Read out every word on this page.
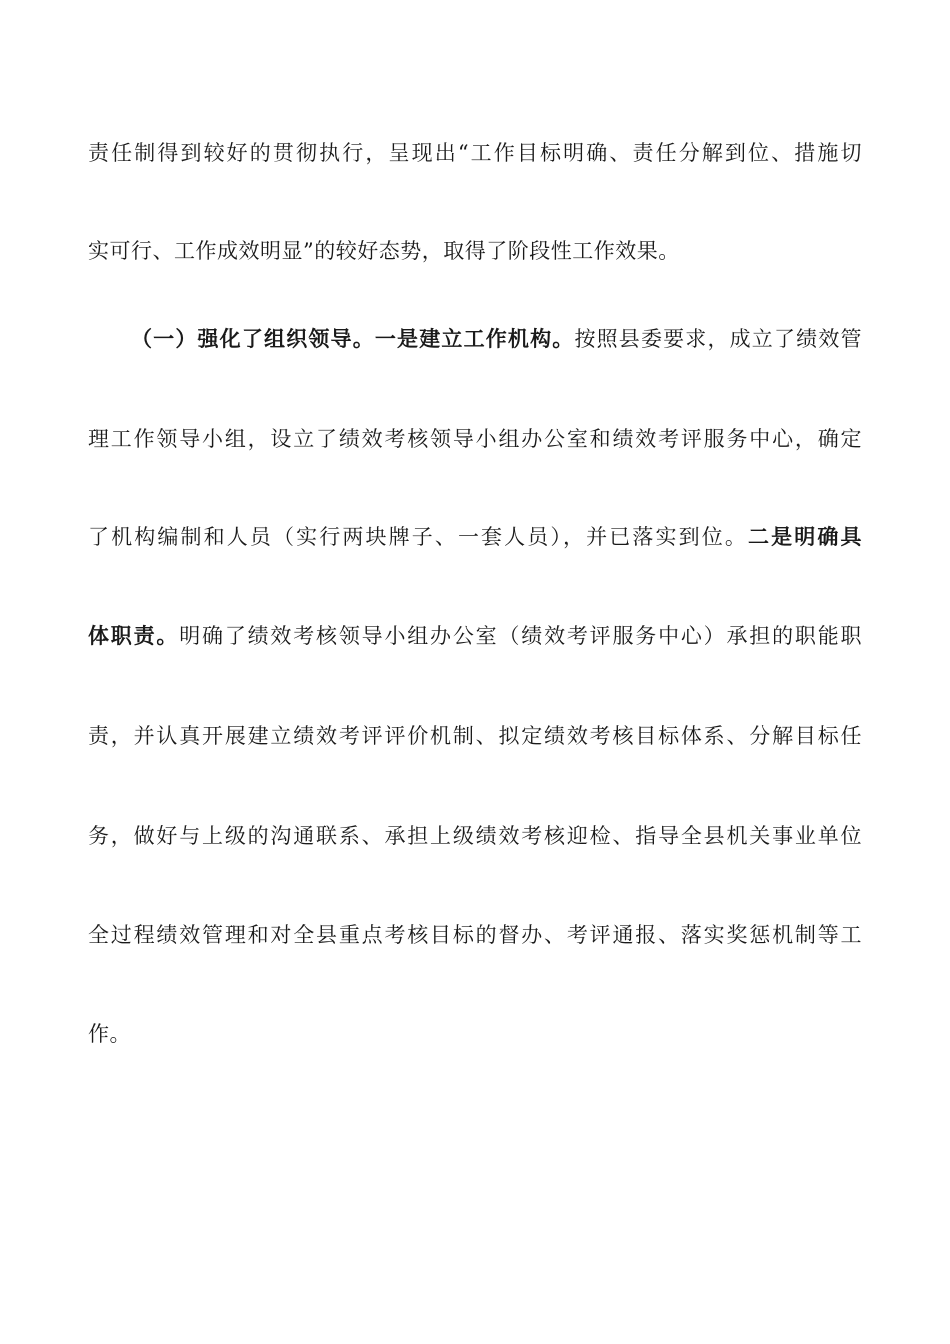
责任制得到较好的贯彻执行，呈现出“工作目标明确、责任分解到位、措施切
实可行、工作成效明显”的较好态势，取得了阶段性工作效果。
（一）强化了组织领导。一是建立工作机构。按照县委要求，成立了绩效管
理工作领导小组，设立了绩效考核领导小组办公室和绩效考评服务中心，确定
了机构编制和人员（实行两块牌子、一套人员），并已落实到位。二是明确具
体职责。明确了绩效考核领导小组办公室（绩效考评服务中心）承担的职能职
责，并认真开展建立绩效考评评价机制、拟定绩效考核目标体系、分解目标任
务，做好与上级的沟通联系、承担上级绩效考核迎检、指导全县机关事业单位
全过程绩效管理和对全县重点考核目标的督办、考评通报、落实奖惩机制等工
作。
